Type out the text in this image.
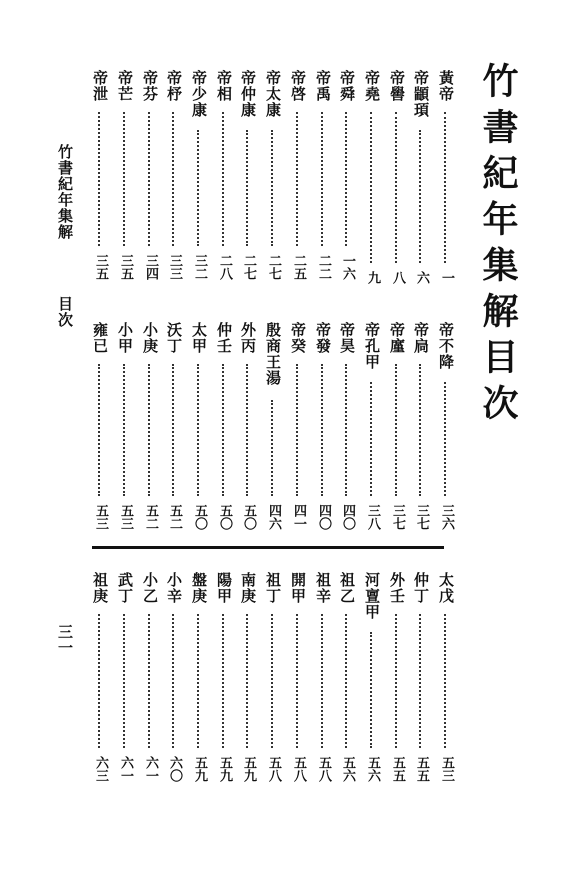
竹書紀年集解目次
竹書紀年集解
目次
三一
黃帝
一
帝顓頊
六
帝嚳
八
帝堯
九
帝舜
一六
帝禹
二二
帝啓
二五
帝太康
二七
帝仲康
二七
帝相
二八
帝少康
三二
帝杼
三三
帝芬
三四
帝芒
三五
帝泄
三五
帝不降
三六
帝扃
三七
帝廑
三七
帝孔甲
三八
帝昊
四〇
帝發
四〇
帝癸
四一
殷商王湯
四六
外丙
五〇
仲壬
五〇
太甲
五〇
沃丁
五二
小庚
五二
小甲
五三
雍已
五三
太戊
五三
仲丁
五五
外壬
五五
河亶甲
五六
祖乙
五六
祖辛
五八
開甲
五八
祖丁
五八
南庚
五九
陽甲
五九
盤庚
五九
小辛
六〇
小乙
六一
武丁
六一
祖庚
六三
